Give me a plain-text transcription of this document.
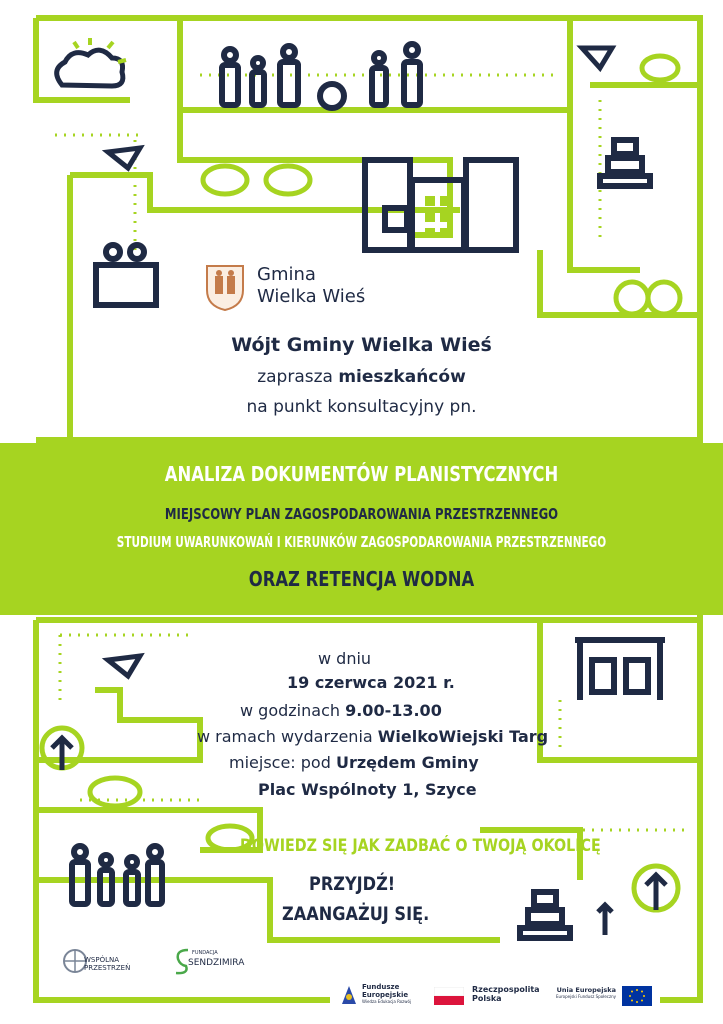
Gmina
Wielka Wieś
Wójt Gminy Wielka Wieś
zaprasza mieszkańców
na punkt konsultacyjny pn.
ANALIZA DOKUMENTÓW PLANISTYCZNYCH
MIEJSCOWY PLAN ZAGOSPODAROWANIA PRZESTRZENNEGO
STUDIUM UWARUNKOWAŃ I KIERUNKÓW ZAGOSPODAROWANIA PRZESTRZENNEGO
ORAZ RETENCJA WODNA
w dniu
19 czerwca 2021 r.
w godzinach 9.00-13.00
w ramach wydarzenia WielkoWiejski Targ
miejsce: pod Urzędem Gminy
Plac Wspólnoty 1, Szyce
DOWIEDZ SIĘ JAK ZADBAĆ O TWOJĄ OKOLICĘ
PRZYJDŹ!
ZAANGAŻUJ SIĘ.
WSPÓLNA PRZESTRZEŃ
FUNDACJA
SENDZIMIRA
Fundusze
Europejskie
Wiedza Edukacja Rozwój
Rzeczpospolita
Polska
Unia Europejska
Europejski Fundusz Społeczny
